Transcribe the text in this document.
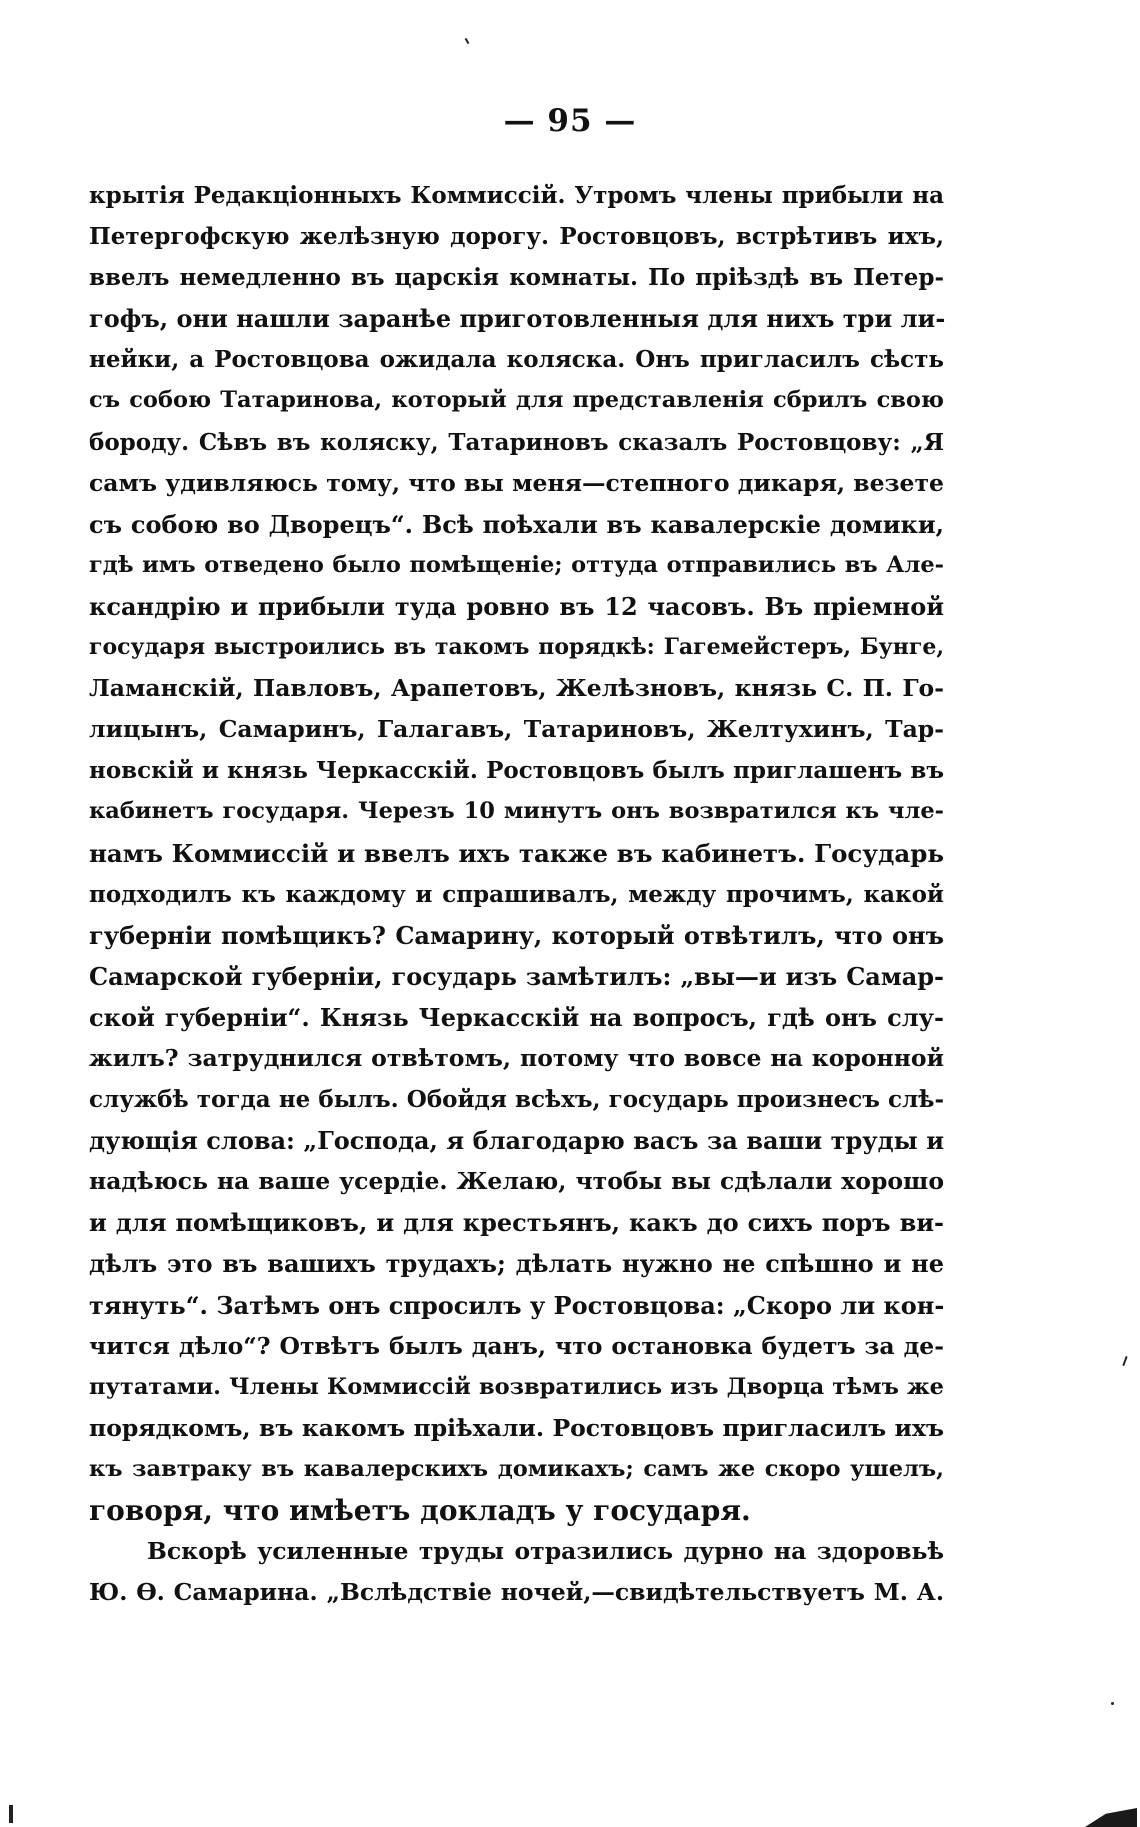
— 95 —
крытія Редакціонныхъ Коммиссій. Утромъ члены прибыли на
Петергофскую желѣзную дорогу. Ростовцовъ, встрѣтивъ ихъ,
ввелъ немедленно въ царскія комнаты. По пріѣздѣ въ Петер-
гофъ, они нашли заранѣе приготовленныя для нихъ три ли-
нейки, а Ростовцова ожидала коляска. Онъ пригласилъ сѣсть
съ собою Татаринова, который для представленія сбрилъ свою
бороду. Сѣвъ въ коляску, Татариновъ сказалъ Ростовцову: „Я
самъ удивляюсь тому, что вы меня—степного дикаря, везете
съ собою во Дворецъ“. Всѣ поѣхали въ кавалерскіе домики,
гдѣ имъ отведено было помѣщеніе; оттуда отправились въ Але-
ксандрію и прибыли туда ровно въ 12 часовъ. Въ пріемной
государя выстроились въ такомъ порядкѣ: Гагемейстеръ, Бунге,
Ламанскій, Павловъ, Арапетовъ, Желѣзновъ, князь С. П. Го-
лицынъ, Самаринъ, Галагавъ, Татариновъ, Желтухинъ, Тар-
новскій и князь Черкасскій. Ростовцовъ былъ приглашенъ въ
кабинетъ государя. Черезъ 10 минутъ онъ возвратился къ чле-
намъ Коммиссій и ввелъ ихъ также въ кабинетъ. Государь
подходилъ къ каждому и спрашивалъ, между прочимъ, какой
губерніи помѣщикъ? Самарину, который отвѣтилъ, что онъ
Самарской губерніи, государь замѣтилъ: „вы—и изъ Самар-
ской губерніи“. Князь Черкасскій на вопросъ, гдѣ онъ слу-
жилъ? затруднился отвѣтомъ, потому что вовсе на коронной
службѣ тогда не былъ. Обойдя всѣхъ, государь произнесъ слѣ-
дующія слова: „Господа, я благодарю васъ за ваши труды и
надѣюсь на ваше усердіе. Желаю, чтобы вы сдѣлали хорошо
и для помѣщиковъ, и для крестьянъ, какъ до сихъ поръ ви-
дѣлъ это въ вашихъ трудахъ; дѣлать нужно не спѣшно и не
тянуть“. Затѣмъ онъ спросилъ у Ростовцова: „Скоро ли кон-
чится дѣло“? Отвѣтъ былъ данъ, что остановка будетъ за де-
путатами. Члены Коммиссій возвратились изъ Дворца тѣмъ же
порядкомъ, въ какомъ пріѣхали. Ростовцовъ пригласилъ ихъ
къ завтраку въ кавалерскихъ домикахъ; самъ же скоро ушелъ,
говоря, что имѣетъ докладъ у государя.
Вскорѣ усиленные труды отразились дурно на здоровьѣ
Ю. Ѳ. Самарина. „Вслѣдствіе ночей,—свидѣтельствуетъ М. А.
